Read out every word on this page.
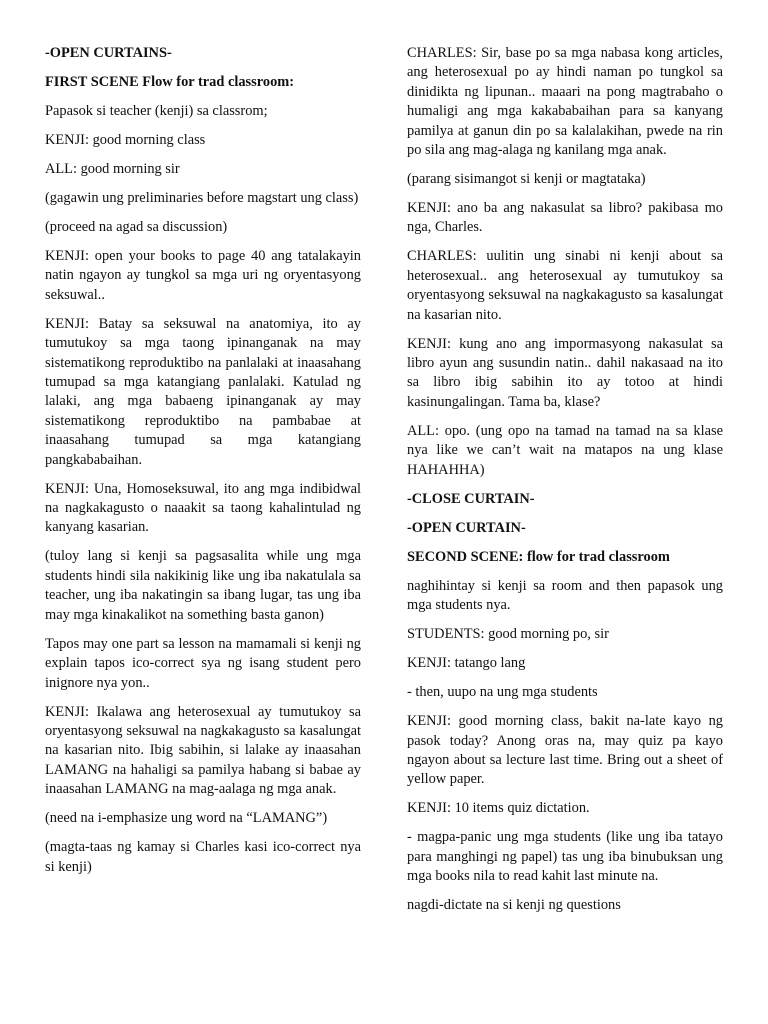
-OPEN CURTAINS-

FIRST SCENE Flow for trad classroom:

Papasok si teacher (kenji) sa classrom;

KENJI: good morning class

ALL: good morning sir

(gagawin ung preliminaries before magstart ung class)

(proceed na agad sa discussion)

KENJI: open your books to page 40 ang tatalakayin natin ngayon ay tungkol sa mga uri ng oryentasyong seksuwal..

KENJI: Batay sa seksuwal na anatomiya, ito ay tumutukoy sa mga taong ipinanganak na may sistematikong reproduktibo na panlalaki at inaasahang tumupad sa mga katangiang panlalaki. Katulad ng lalaki, ang mga babaeng ipinanganak ay may sistematikong reproduktibo na pambabae at inaasahang tumupad sa mga katangiang pangkababaihan.

KENJI: Una, Homoseksuwal, ito ang mga indibidwal na nagkakagusto o naaakit sa taong kahalintulad ng kanyang kasarian.

(tuloy lang si kenji sa pagsasalita while ung mga students hindi sila nakikinig like ung iba nakatulala sa teacher, ung iba nakatingin sa ibang lugar, tas ung iba may mga kinakalikot na something basta ganon)

Tapos may one part sa lesson na mamamali si kenji ng explain tapos ico-correct sya ng isang student pero inignore nya yon..

KENJI: Ikalawa ang heterosexual ay tumutukoy sa oryentasyong seksuwal na nagkakagusto sa kasalungat na kasarian nito. Ibig sabihin, si lalake ay inaasahan LAMANG na hahaligi sa pamilya habang si babae ay inaasahan LAMANG na mag-aalaga ng mga anak.

(need na i-emphasize ung word na “LAMANG”)

(magta-taas ng kamay si Charles kasi ico-correct nya si kenji)

CHARLES: Sir, base po sa mga nabasa kong articles, ang heterosexual po ay hindi naman po tungkol sa dinidikta ng lipunan.. maaari na pong magtrabaho o humaligi ang mga kakababaihan para sa kanyang pamilya at ganun din po sa kalalakihan, pwede na rin po sila ang mag-alaga ng kanilang mga anak.

(parang sisimangot si kenji or magtataka)

KENJI: ano ba ang nakasulat sa libro? pakibasa mo nga, Charles.

CHARLES: uulitin ung sinabi ni kenji about sa heterosexual.. ang heterosexual ay tumutukoy sa oryentasyong seksuwal na nagkakagusto sa kasalungat na kasarian nito.

KENJI: kung ano ang impormasyong nakasulat sa libro ayun ang susundin natin.. dahil nakasaad na ito sa libro ibig sabihin ito ay totoo at hindi kasinungalingan. Tama ba, klase?

ALL: opo. (ung opo na tamad na tamad na sa klase nya like we can’t wait na matapos na ung klase HAHAHHA)

-CLOSE CURTAIN-

-OPEN CURTAIN-

SECOND SCENE: flow for trad classroom

naghihintay si kenji sa room and then papasok ung mga students nya.

STUDENTS: good morning po, sir

KENJI: tatango lang

- then, uupo na ung mga students

KENJI: good morning class, bakit na-late kayo ng pasok today? Anong oras na, may quiz pa kayo ngayon about sa lecture last time. Bring out a sheet of yellow paper.

KENJI: 10 items quiz dictation.

- magpa-panic ung mga students (like ung iba tatayo para manghingi ng papel) tas ung iba binubuksan ung mga books nila to read kahit last minute na.

nagdi-dictate na si kenji ng questions
